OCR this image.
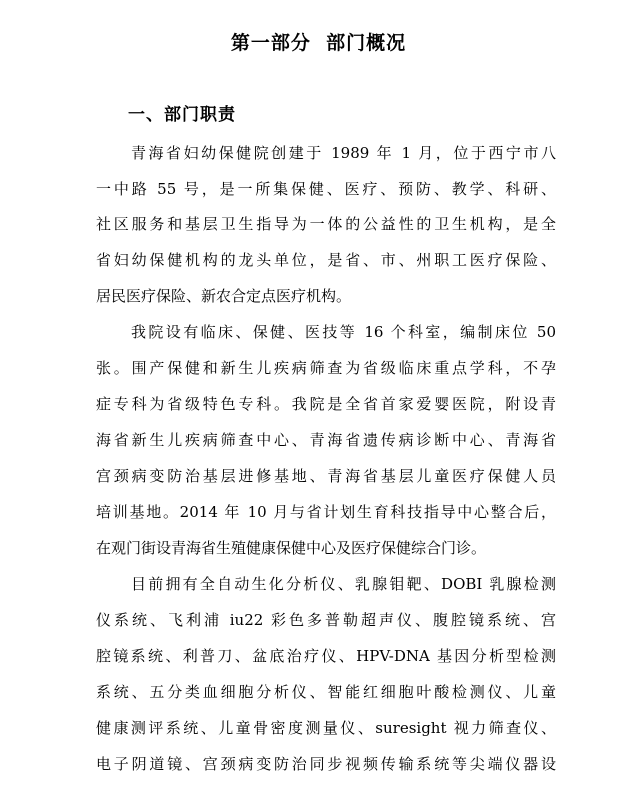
第一部分  部门概况
一、部门职责
青海省妇幼保健院创建于 1989 年 1 月，位于西宁市八
一中路 55 号，是一所集保健、医疗、预防、教学、科研、
社区服务和基层卫生指导为一体的公益性的卫生机构，是全
省妇幼保健机构的龙头单位，是省、市、州职工医疗保险、
居民医疗保险、新农合定点医疗机构。
我院设有临床、保健、医技等 16 个科室，编制床位 50
张。围产保健和新生儿疾病筛查为省级临床重点学科，不孕
症专科为省级特色专科。我院是全省首家爱婴医院，附设青
海省新生儿疾病筛查中心、青海省遗传病诊断中心、青海省
宫颈病变防治基层进修基地、青海省基层儿童医疗保健人员
培训基地。2014 年 10 月与省计划生育科技指导中心整合后，
在观门街设青海省生殖健康保健中心及医疗保健综合门诊。
目前拥有全自动生化分析仪、乳腺钼靶、DOBI 乳腺检测
仪系统、飞利浦 iu22 彩色多普勒超声仪、腹腔镜系统、宫
腔镜系统、利普刀、盆底治疗仪、HPV-DNA 基因分析型检测
系统、五分类血细胞分析仪、智能红细胞叶酸检测仪、儿童
健康测评系统、儿童骨密度测量仪、suresight 视力筛查仪、
电子阴道镜、宫颈病变防治同步视频传输系统等尖端仪器设
